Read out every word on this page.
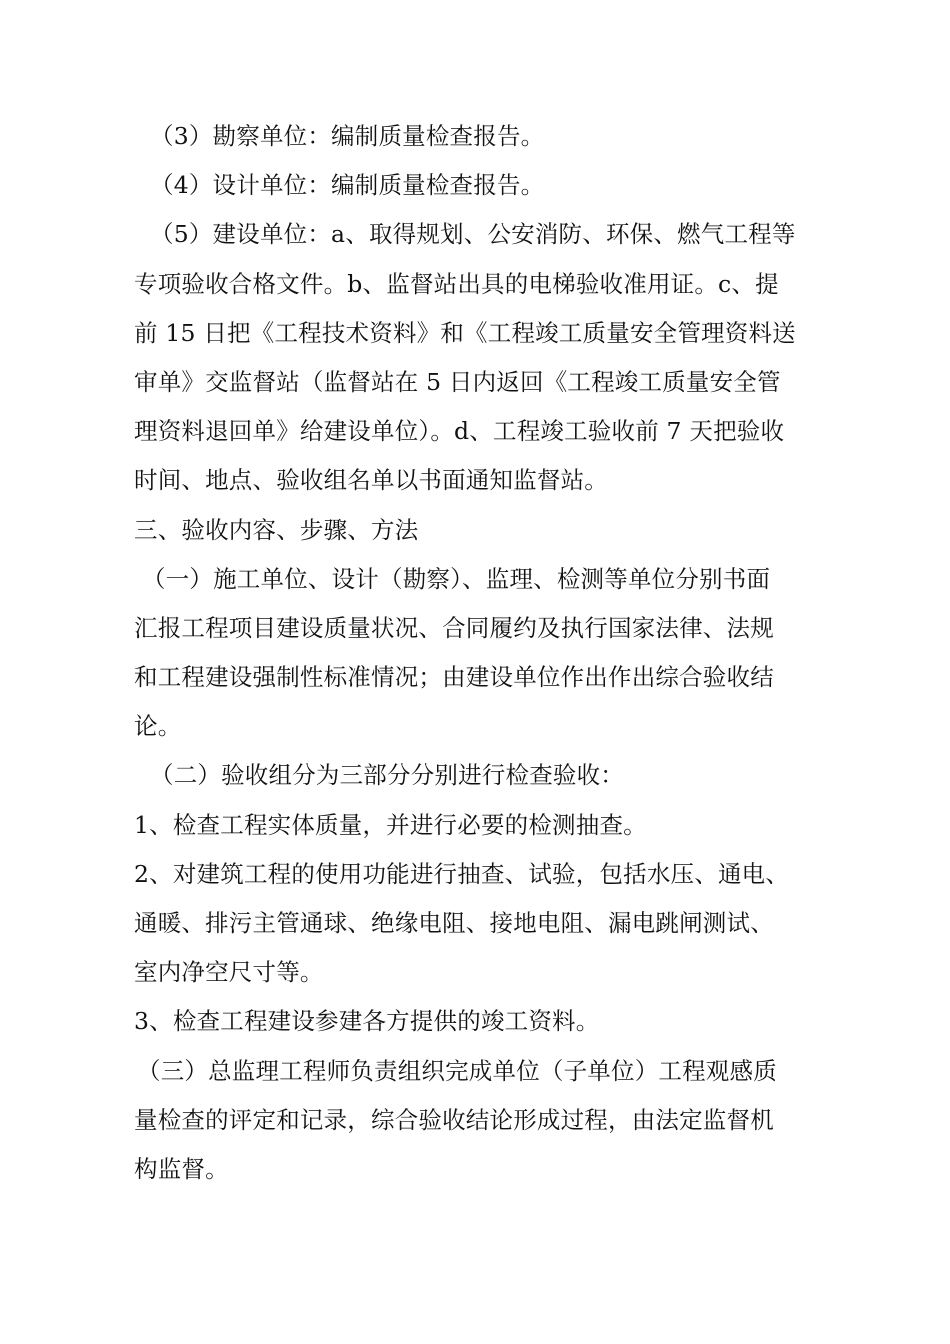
（3）勘察单位：编制质量检查报告。
（4）设计单位：编制质量检查报告。
（5）建设单位：a、取得规划、公安消防、环保、燃气工程等
专项验收合格文件。b、监督站出具的电梯验收准用证。c、提
前 15 日把《工程技术资料》和《工程竣工质量安全管理资料送
审单》交监督站（监督站在 5 日内返回《工程竣工质量安全管
理资料退回单》给建设单位）。d、工程竣工验收前 7 天把验收
时间、地点、验收组名单以书面通知监督站。
三、验收内容、步骤、方法
（一）施工单位、设计（勘察）、监理、检测等单位分别书面
汇报工程项目建设质量状况、合同履约及执行国家法律、法规
和工程建设强制性标准情况；由建设单位作出作出综合验收结
论。
（二）验收组分为三部分分别进行检查验收：
1、检查工程实体质量，并进行必要的检测抽查。
2、对建筑工程的使用功能进行抽查、试验，包括水压、通电、
通暖、排污主管通球、绝缘电阻、接地电阻、漏电跳闸测试、
室内净空尺寸等。
3、检查工程建设参建各方提供的竣工资料。
（三）总监理工程师负责组织完成单位（子单位）工程观感质
量检查的评定和记录，综合验收结论形成过程，由法定监督机
构监督。
